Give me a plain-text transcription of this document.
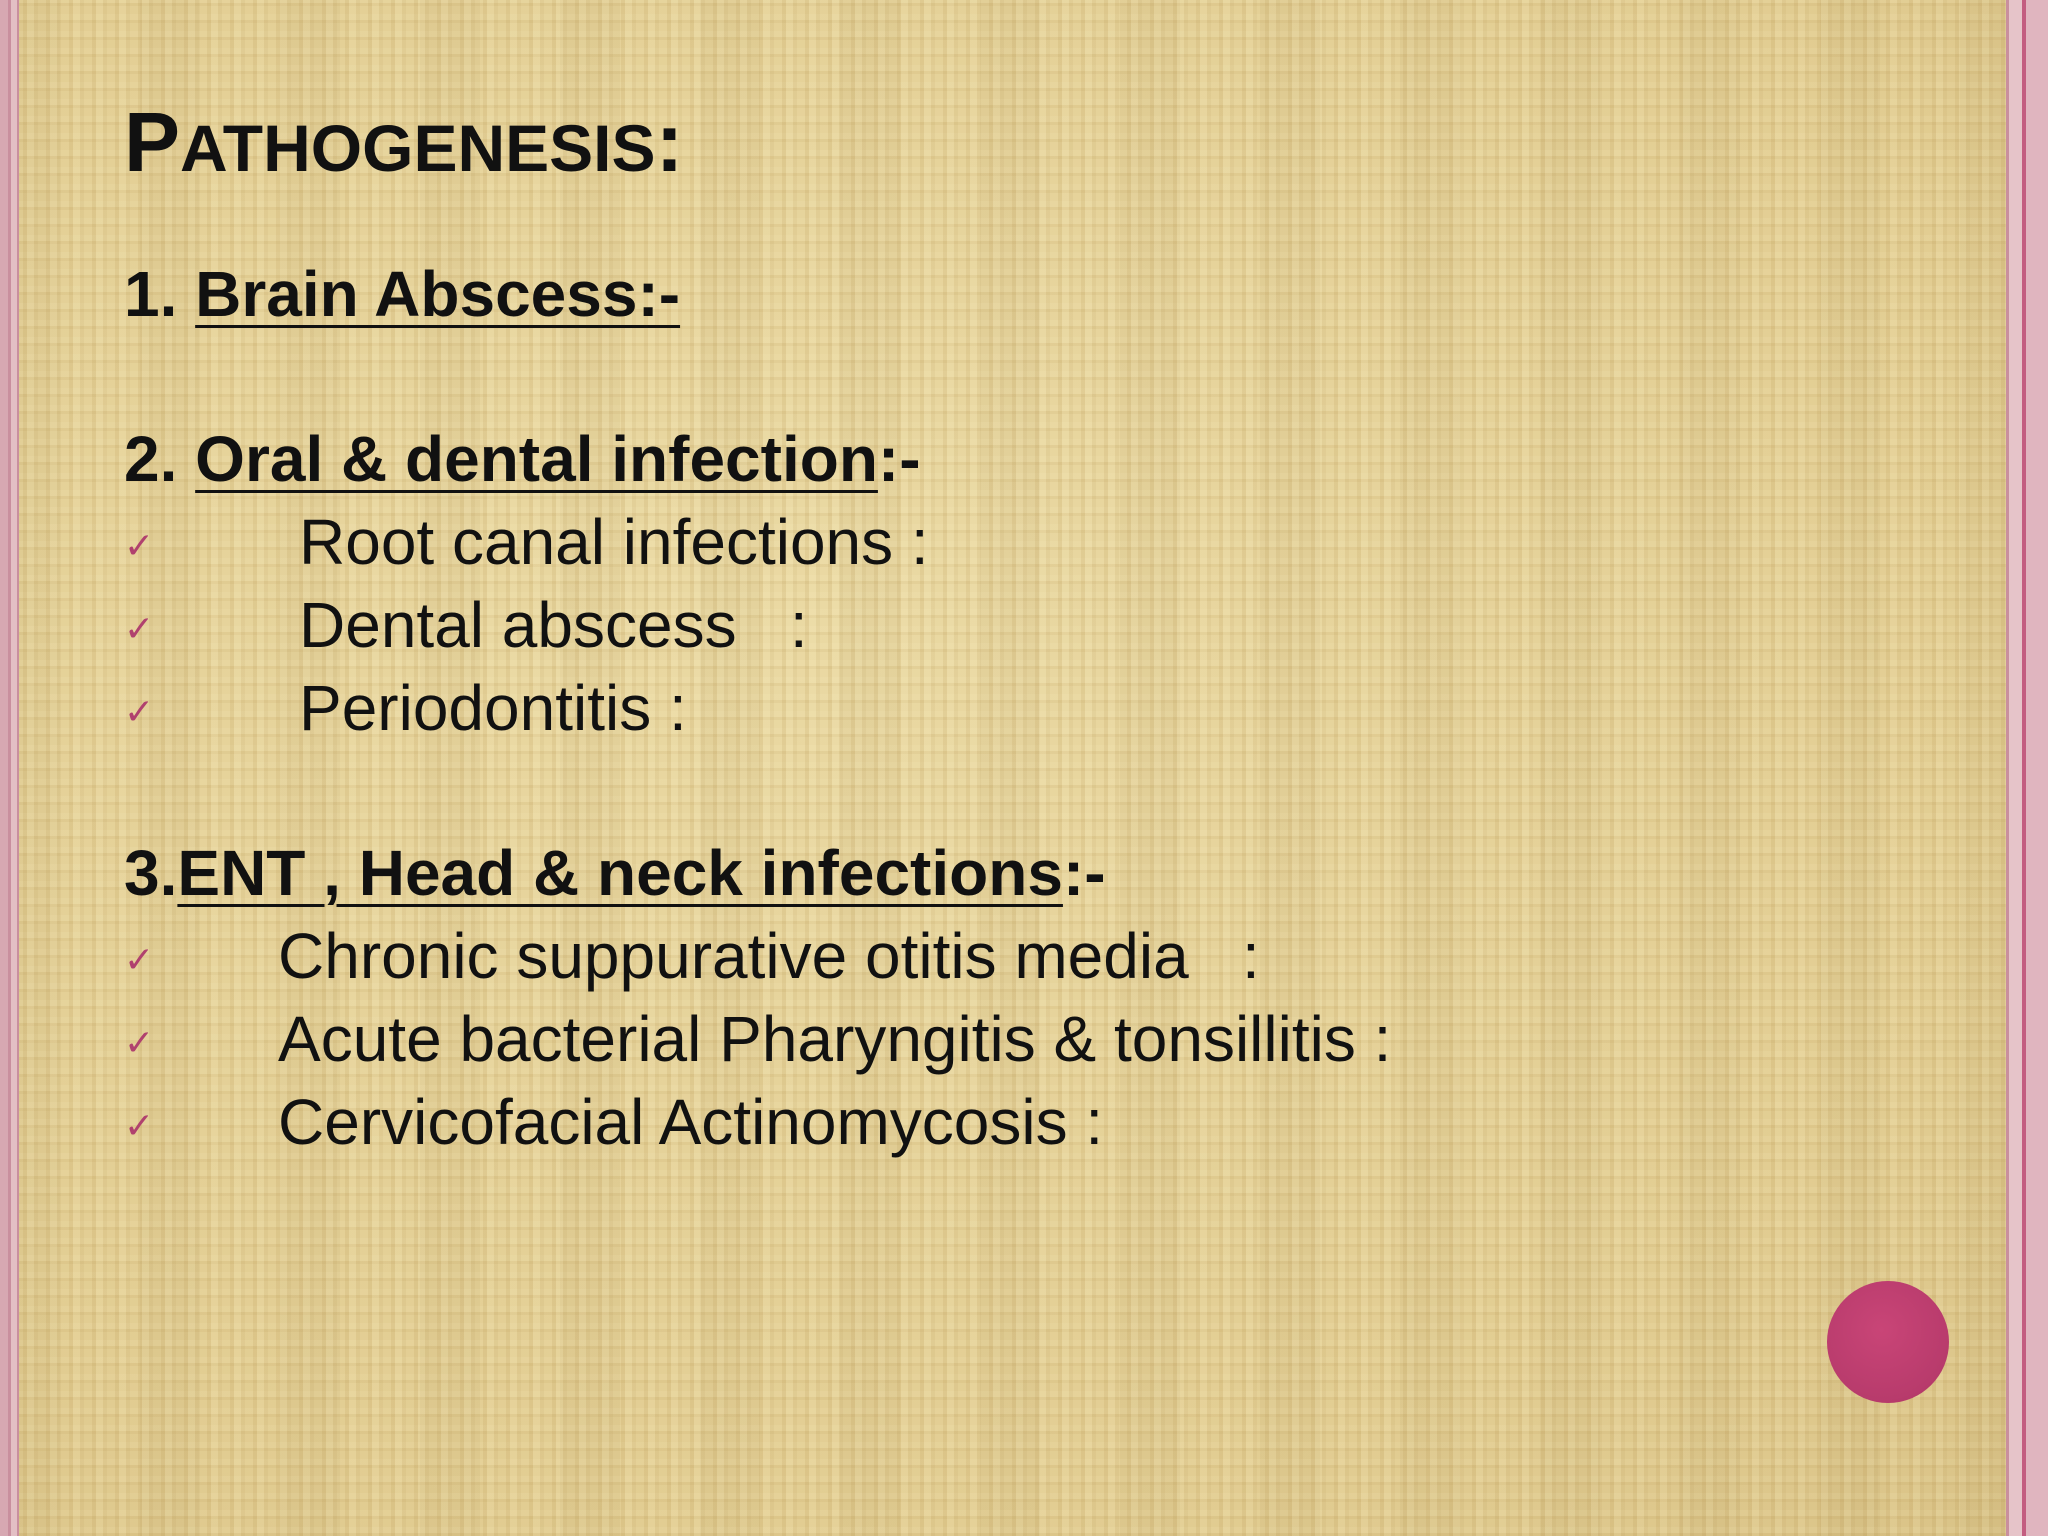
PATHOGENESIS:
1. Brain Abscess:-
2. Oral & dental infection:-
✓ Root canal infections :
✓ Dental abscess   :
✓ Periodontitis :
3.ENT , Head & neck infections:-
✓ Chronic suppurative otitis media   :
✓ Acute bacterial Pharyngitis & tonsillitis :
✓ Cervicofacial Actinomycosis :
